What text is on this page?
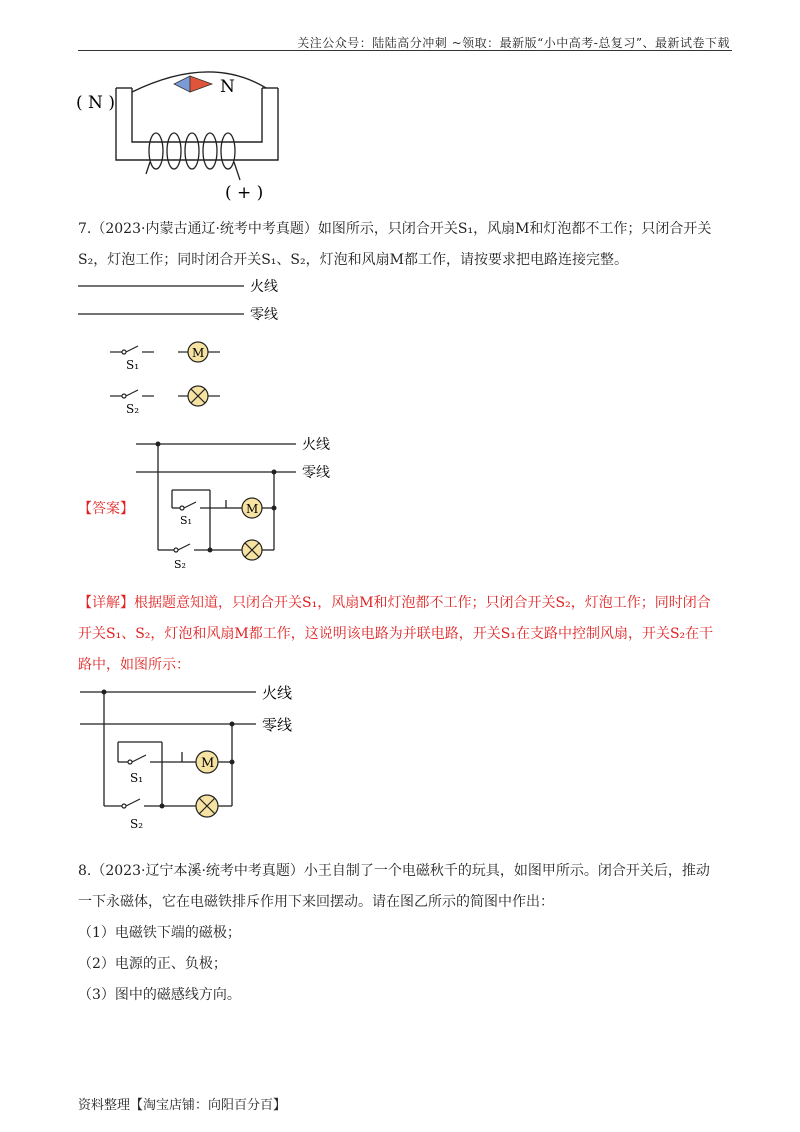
关注公众号：陆陆高分冲刺 ~领取：最新版“小中高考-总复习”、最新试卷下载
( N )
N
( + )
7.（2023·内蒙古通辽·统考中考真题）如图所示，只闭合开关S₁，风扇M和灯泡都不工作；只闭合开关
S₂，灯泡工作；同时闭合开关S₁、S₂，灯泡和风扇M都工作，请按要求把电路连接完整。
火线
零线
S₁
M
S₂
【答案】
火线
零线
S₂
S₁
M
【详解】根据题意知道，只闭合开关S₁，风扇M和灯泡都不工作；只闭合开关S₂，灯泡工作；同时闭合
开关S₁、S₂，灯泡和风扇M都工作，这说明该电路为并联电路，开关S₁在支路中控制风扇，开关S₂在干
路中，如图所示：
火线
零线
S₂
S₁
M
8.（2023·辽宁本溪·统考中考真题）小王自制了一个电磁秋千的玩具，如图甲所示。闭合开关后，推动
一下永磁体，它在电磁铁排斥作用下来回摆动。请在图乙所示的简图中作出：
（1）电磁铁下端的磁极；
（2）电源的正、负极；
（3）图中的磁感线方向。
资料整理【淘宝店铺：向阳百分百】
